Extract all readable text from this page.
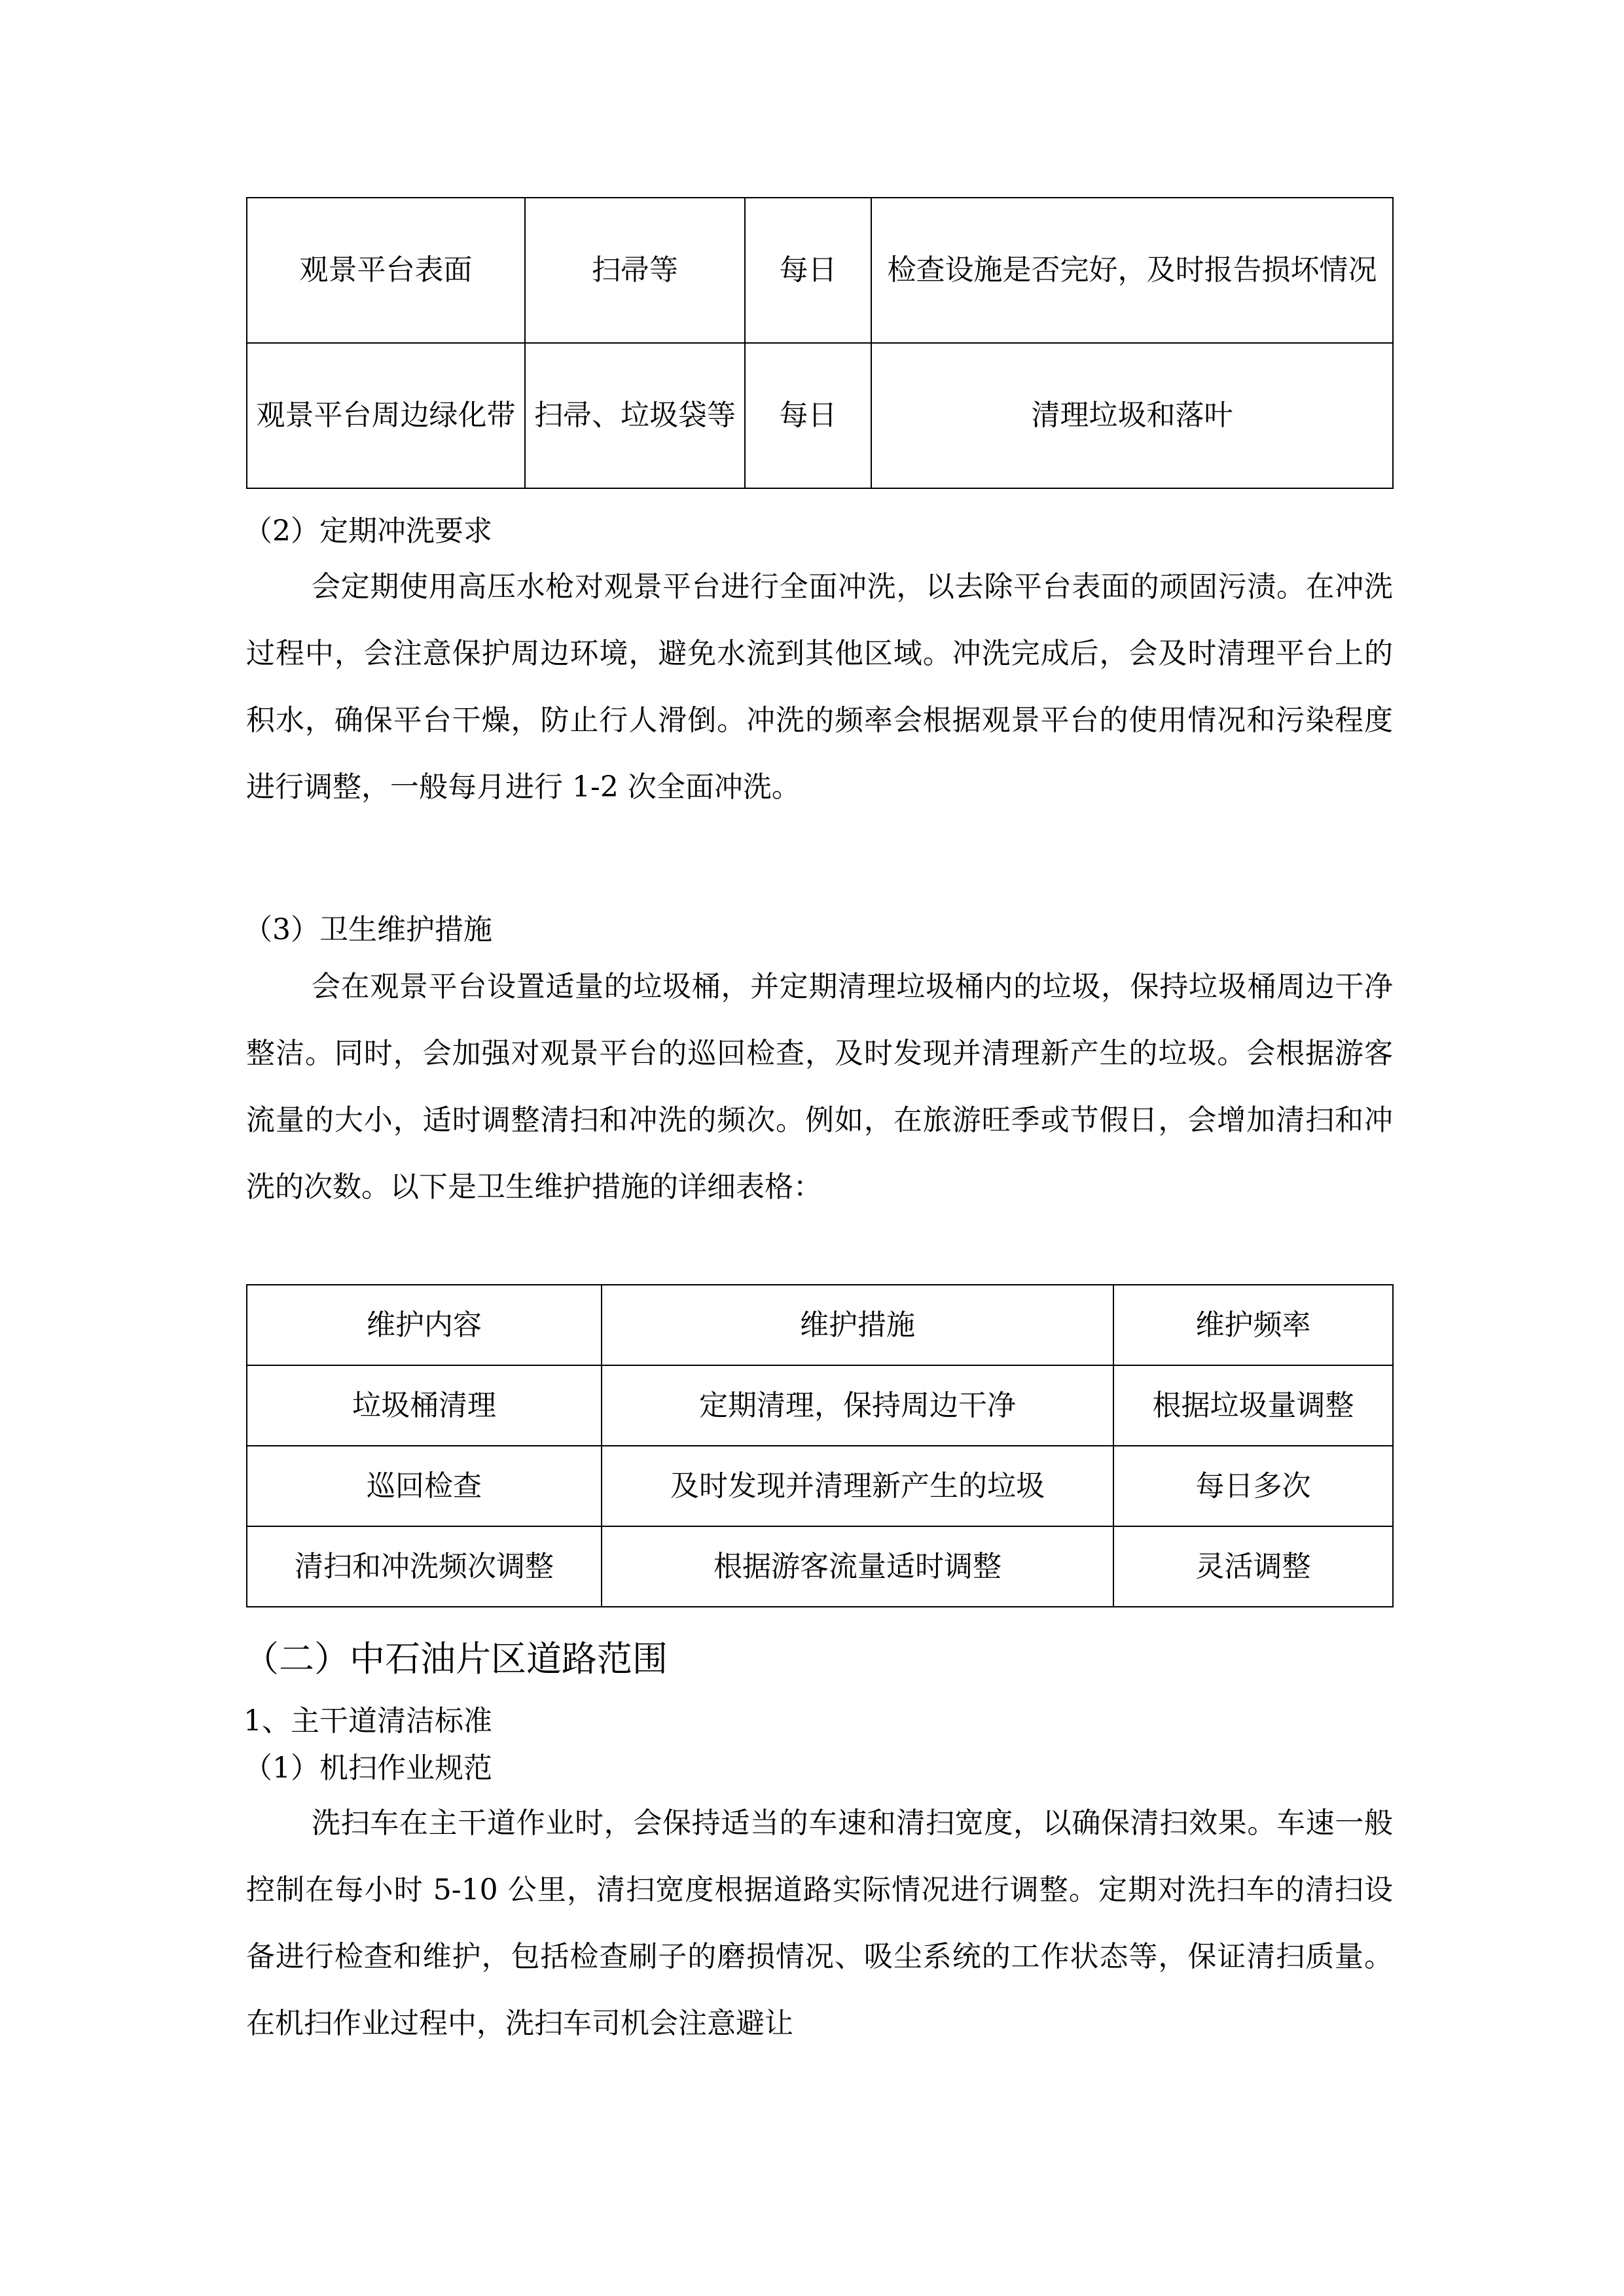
观景平台表面	扫帚等	每日	检查设施是否完好，及时报告损坏情况
观景平台周边绿化带	扫帚、垃圾袋等	每日	清理垃圾和落叶
（2）定期冲洗要求

会定期使用高压水枪对观景平台进行全面冲洗，以去除平台表面的顽固污渍。在冲洗过程中，会注意保护周边环境，避免水流到其他区域。冲洗完成后，会及时清理平台上的积水，确保平台干燥，防止行人滑倒。冲洗的频率会根据观景平台的使用情况和污染程度进行调整，一般每月进行 1-2 次全面冲洗。

（3）卫生维护措施

会在观景平台设置适量的垃圾桶，并定期清理垃圾桶内的垃圾，保持垃圾桶周边干净整洁。同时，会加强对观景平台的巡回检查，及时发现并清理新产生的垃圾。会根据游客流量的大小，适时调整清扫和冲洗的频次。例如，在旅游旺季或节假日，会增加清扫和冲洗的次数。以下是卫生维护措施的详细表格：

维护内容	维护措施	维护频率
垃圾桶清理	定期清理，保持周边干净	根据垃圾量调整
巡回检查	及时发现并清理新产生的垃圾	每日多次
清扫和冲洗频次调整	根据游客流量适时调整	灵活调整
（二）中石油片区道路范围
1、主干道清洁标准
（1）机扫作业规范

洗扫车在主干道作业时，会保持适当的车速和清扫宽度，以确保清扫效果。车速一般控制在每小时 5-10 公里，清扫宽度根据道路实际情况进行调整。定期对洗扫车的清扫设备进行检查和维护，包括检查刷子的磨损情况、吸尘系统的工作状态等，保证清扫质量。在机扫作业过程中，洗扫车司机会注意避让
